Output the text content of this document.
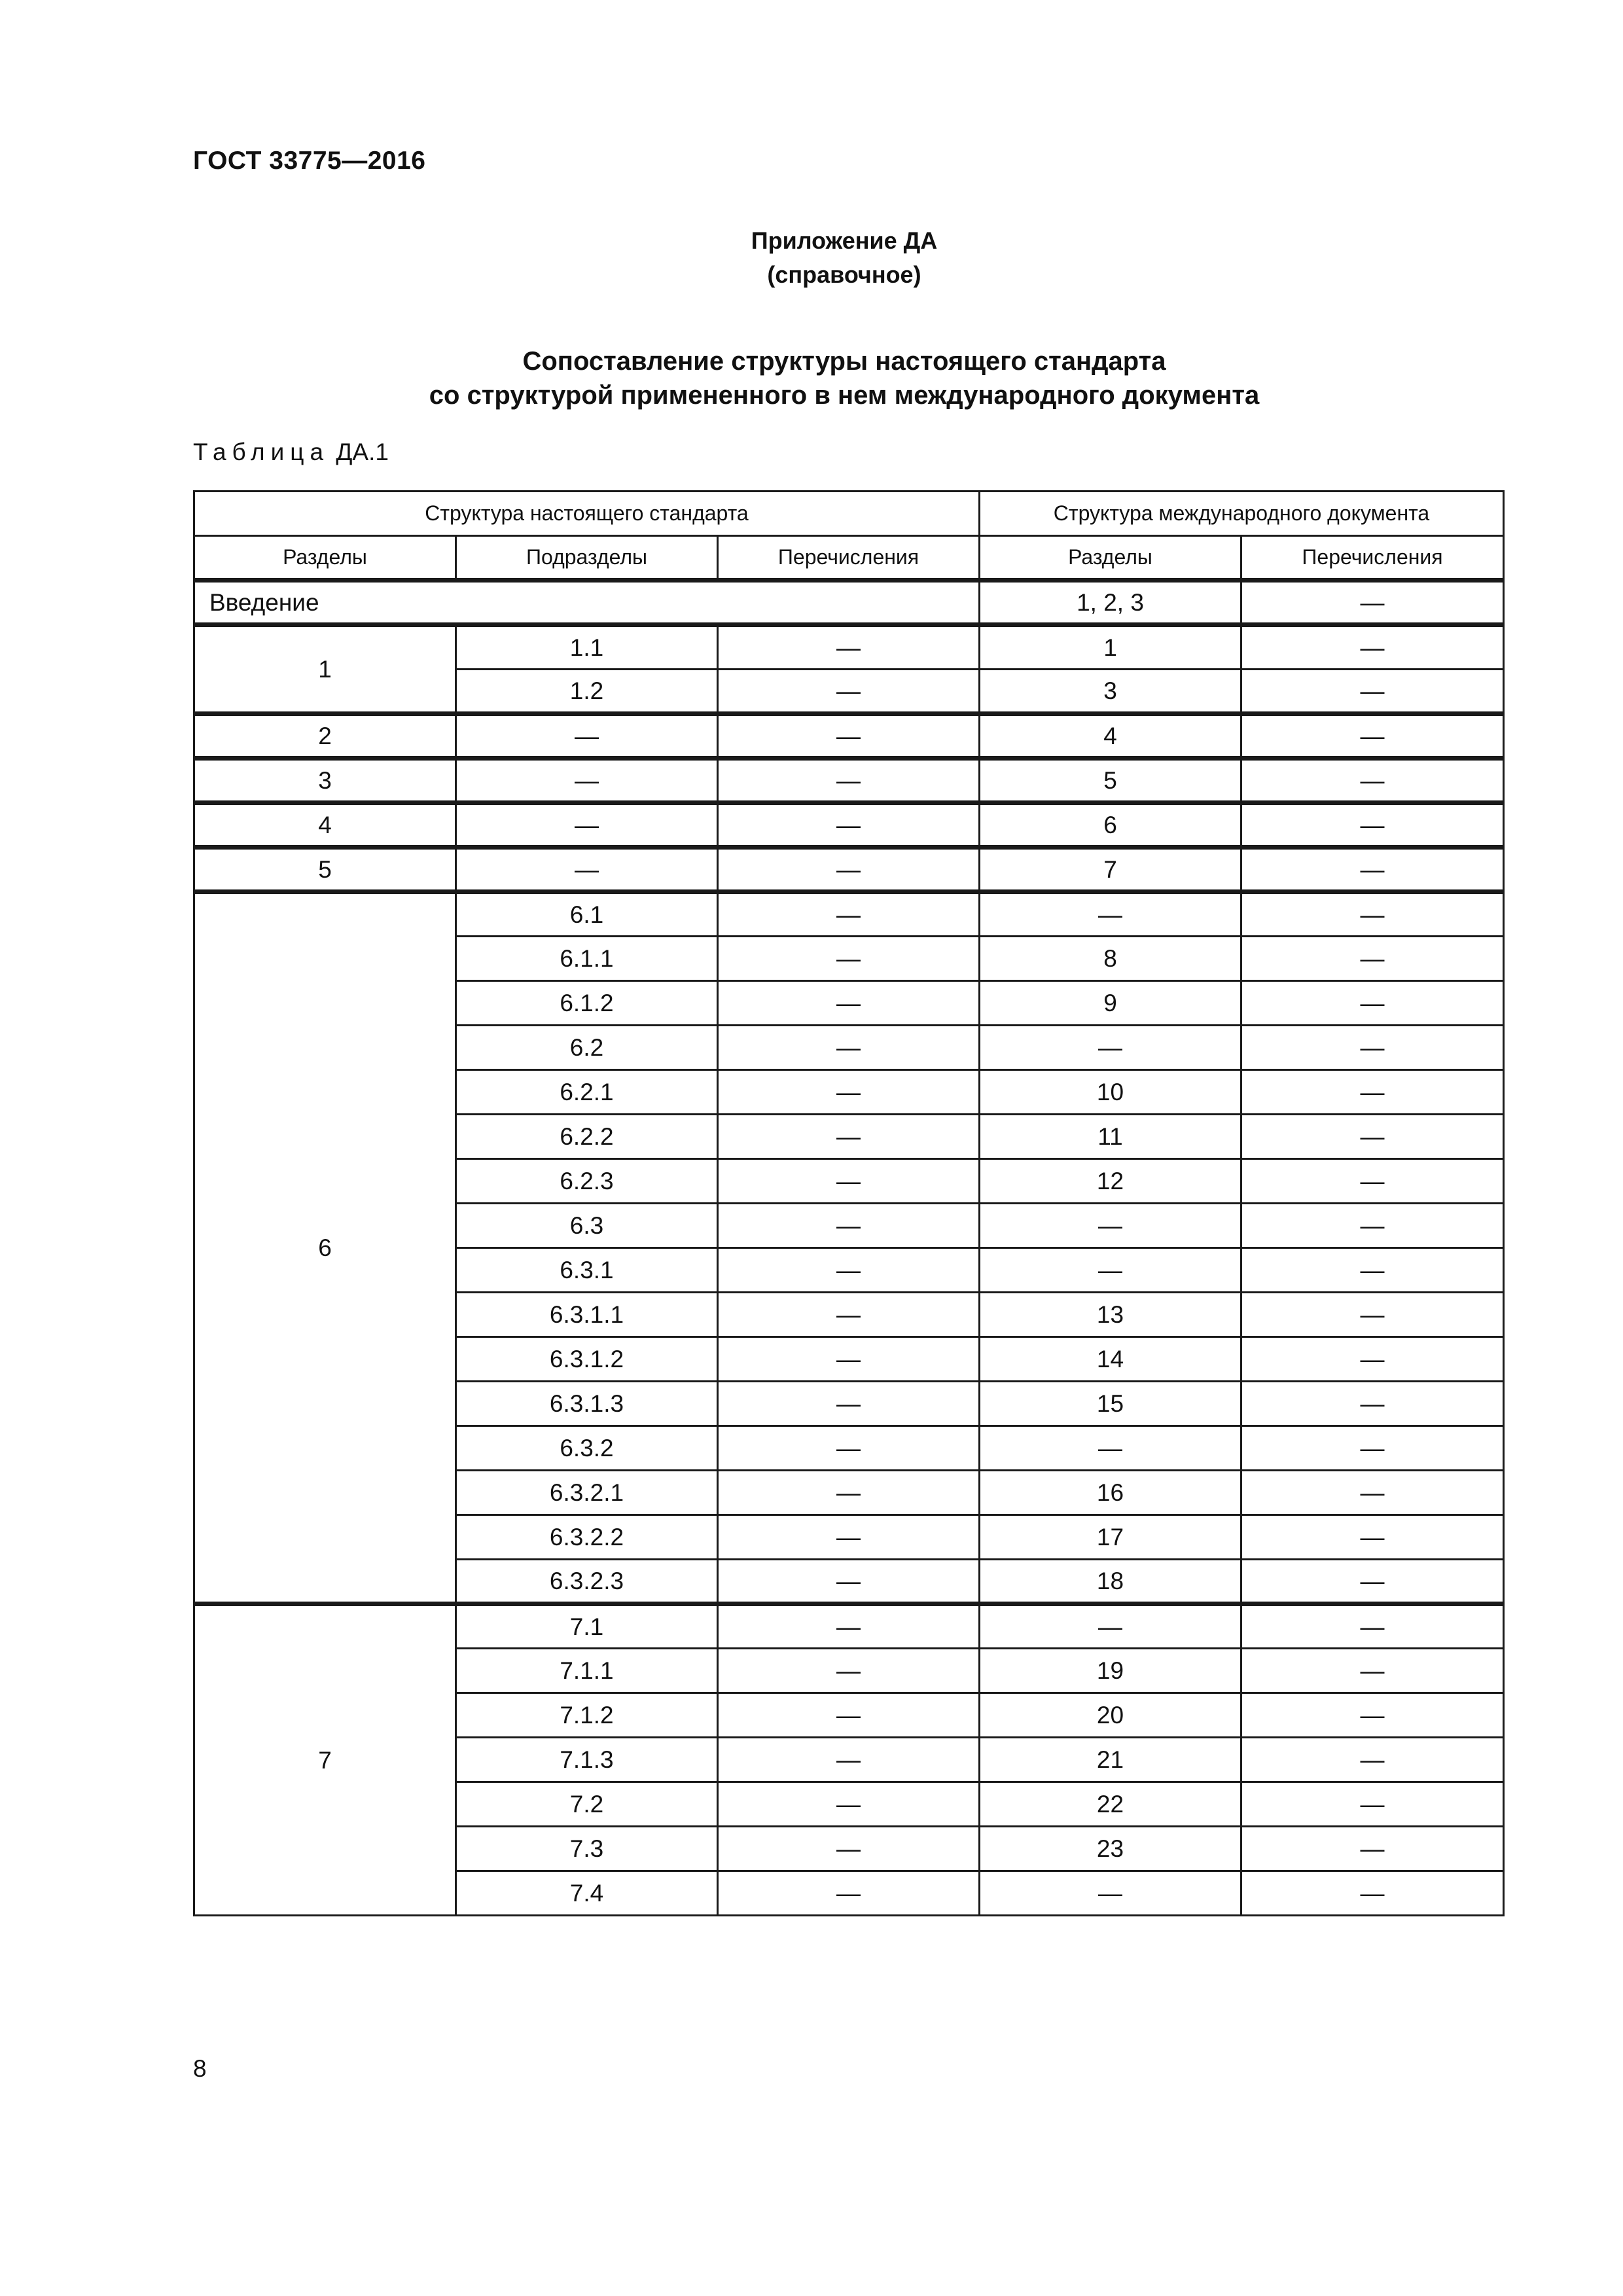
ГОСТ 33775—2016
Приложение ДА
(справочное)
Сопоставление структуры настоящего стандарта
со структурой примененного в нем международного документа
Таблица ДА.1
Структура настоящего стандарта			Структура международного документа	
Разделы	Подразделы	Перечисления	Разделы	Перечисления
Введение			1, 2, 3	—
1	1.1	—	1	—
	1.2	—	3	—
2	—	—	4	—
3	—	—	5	—
4	—	—	6	—
5	—	—	7	—
6	6.1	—	—	—
	6.1.1	—	8	—
	6.1.2	—	9	—
	6.2	—	—	—
	6.2.1	—	10	—
	6.2.2	—	11	—
	6.2.3	—	12	—
	6.3	—	—	—
	6.3.1	—	—	—
	6.3.1.1	—	13	—
	6.3.1.2	—	14	—
	6.3.1.3	—	15	—
	6.3.2	—	—	—
	6.3.2.1	—	16	—
	6.3.2.2	—	17	—
	6.3.2.3	—	18	—
7	7.1	—	—	—
	7.1.1	—	19	—
	7.1.2	—	20	—
	7.1.3	—	21	—
	7.2	—	22	—
	7.3	—	23	—
	7.4	—	—	—
8
